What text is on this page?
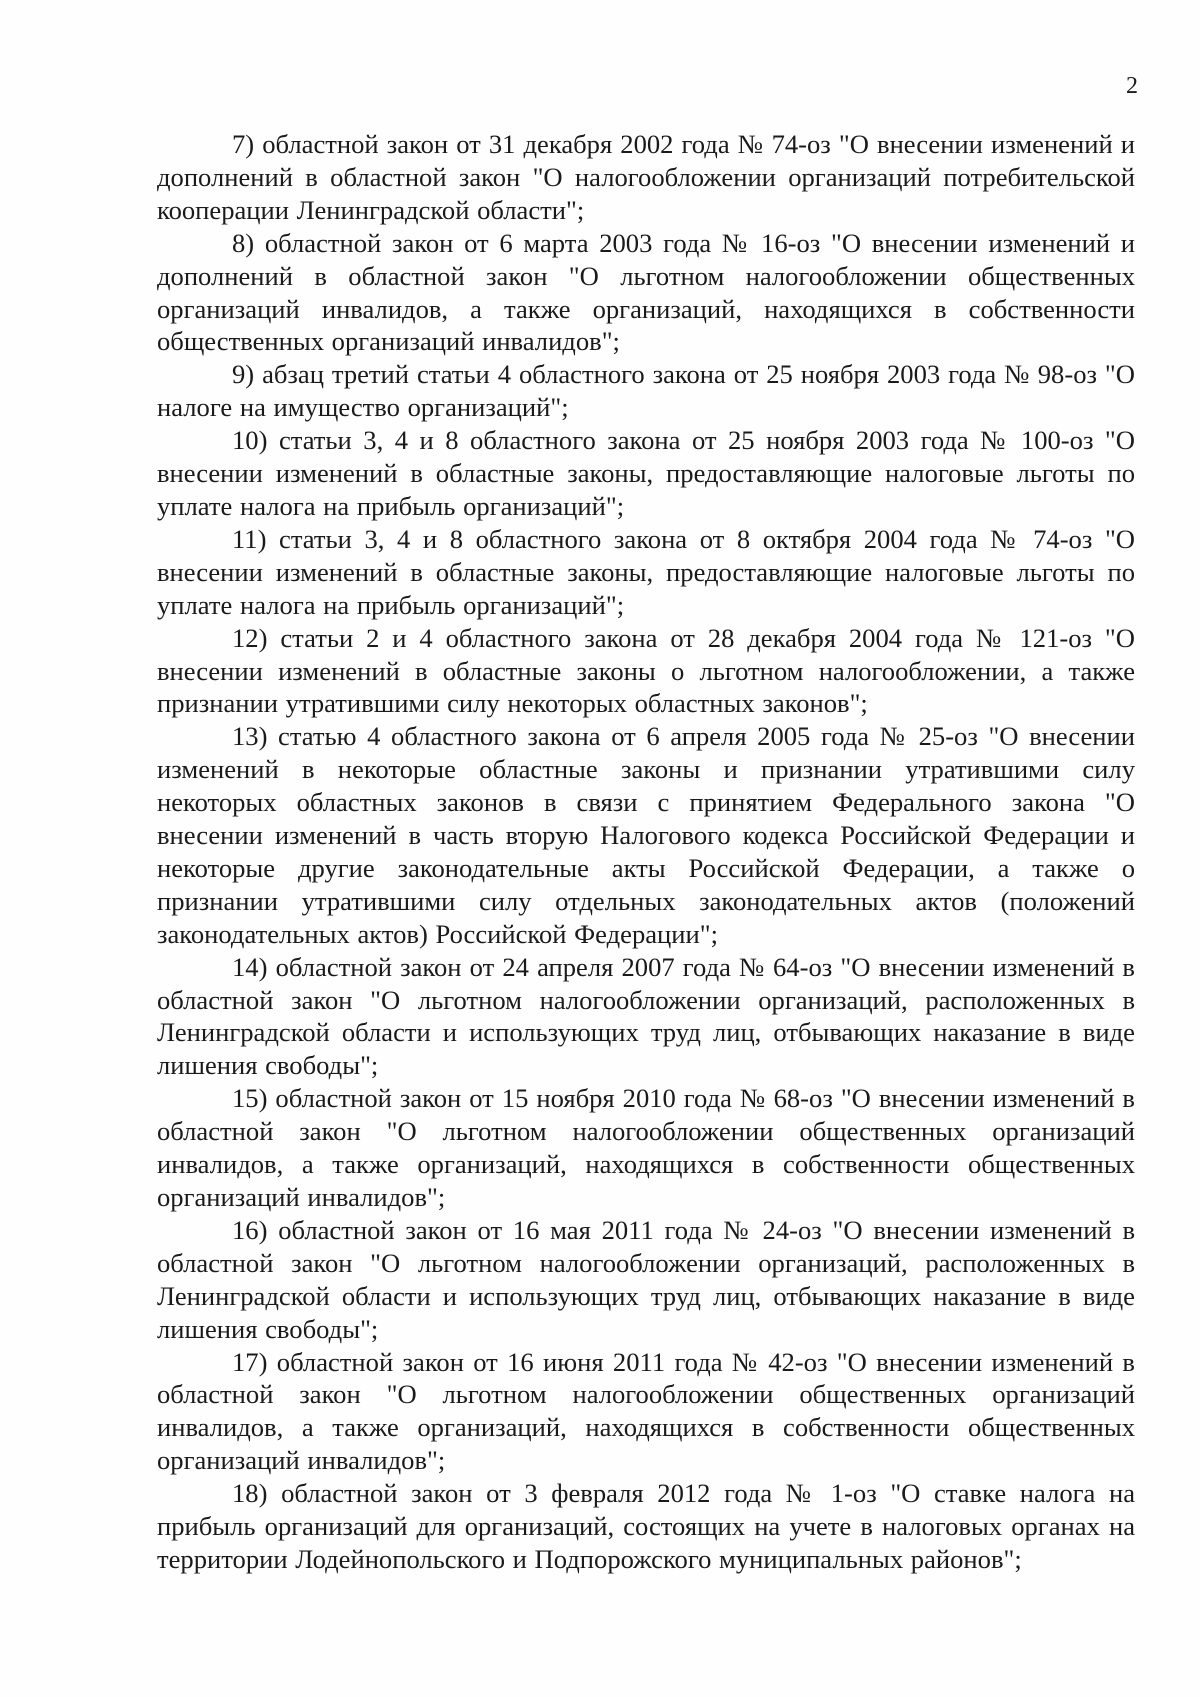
2

7) областной закон от 31 декабря 2002 года № 74-оз "О внесении изменений и дополнений в областной закон "О налогообложении организаций потребительской кооперации Ленинградской области";

8) областной закон от 6 марта 2003 года № 16-оз "О внесении изменений и дополнений в областной закон "О льготном налогообложении общественных организаций инвалидов, а также организаций, находящихся в собственности общественных организаций инвалидов";

9) абзац третий статьи 4 областного закона от 25 ноября 2003 года № 98-оз "О налоге на имущество организаций";

10) статьи 3, 4 и 8 областного закона от 25 ноября 2003 года № 100-оз "О внесении изменений в областные законы, предоставляющие налоговые льготы по уплате налога на прибыль организаций";

11) статьи 3, 4 и 8 областного закона от 8 октября 2004 года № 74-оз "О внесении изменений в областные законы, предоставляющие налоговые льготы по уплате налога на прибыль организаций";

12) статьи 2 и 4 областного закона от 28 декабря 2004 года № 121-оз "О внесении изменений в областные законы о льготном налогообложении, а также признании утратившими силу некоторых областных законов";

13) статью 4 областного закона от 6 апреля 2005 года № 25-оз "О внесении изменений в некоторые областные законы и признании утратившими силу некоторых областных законов в связи с принятием Федерального закона "О внесении изменений в часть вторую Налогового кодекса Российской Федерации и некоторые другие законодательные акты Российской Федерации, а также о признании утратившими силу отдельных законодательных актов (положений законодательных актов) Российской Федерации";

14) областной закон от 24 апреля 2007 года № 64-оз "О внесении изменений в областной закон "О льготном налогообложении организаций, расположенных в Ленинградской области и использующих труд лиц, отбывающих наказание в виде лишения свободы";

15) областной закон от 15 ноября 2010 года № 68-оз "О внесении изменений в областной закон "О льготном налогообложении общественных организаций инвалидов, а также организаций, находящихся в собственности общественных организаций инвалидов";

16) областной закон от 16 мая 2011 года № 24-оз "О внесении изменений в областной закон "О льготном налогообложении организаций, расположенных в Ленинградской области и использующих труд лиц, отбывающих наказание в виде лишения свободы";

17) областной закон от 16 июня 2011 года № 42-оз "О внесении изменений в областной закон "О льготном налогообложении общественных организаций инвалидов, а также организаций, находящихся в собственности общественных организаций инвалидов";

18) областной закон от 3 февраля 2012 года № 1-оз "О ставке налога на прибыль организаций для организаций, состоящих на учете в налоговых органах на территории Лодейнопольского и Подпорожского муниципальных районов";
